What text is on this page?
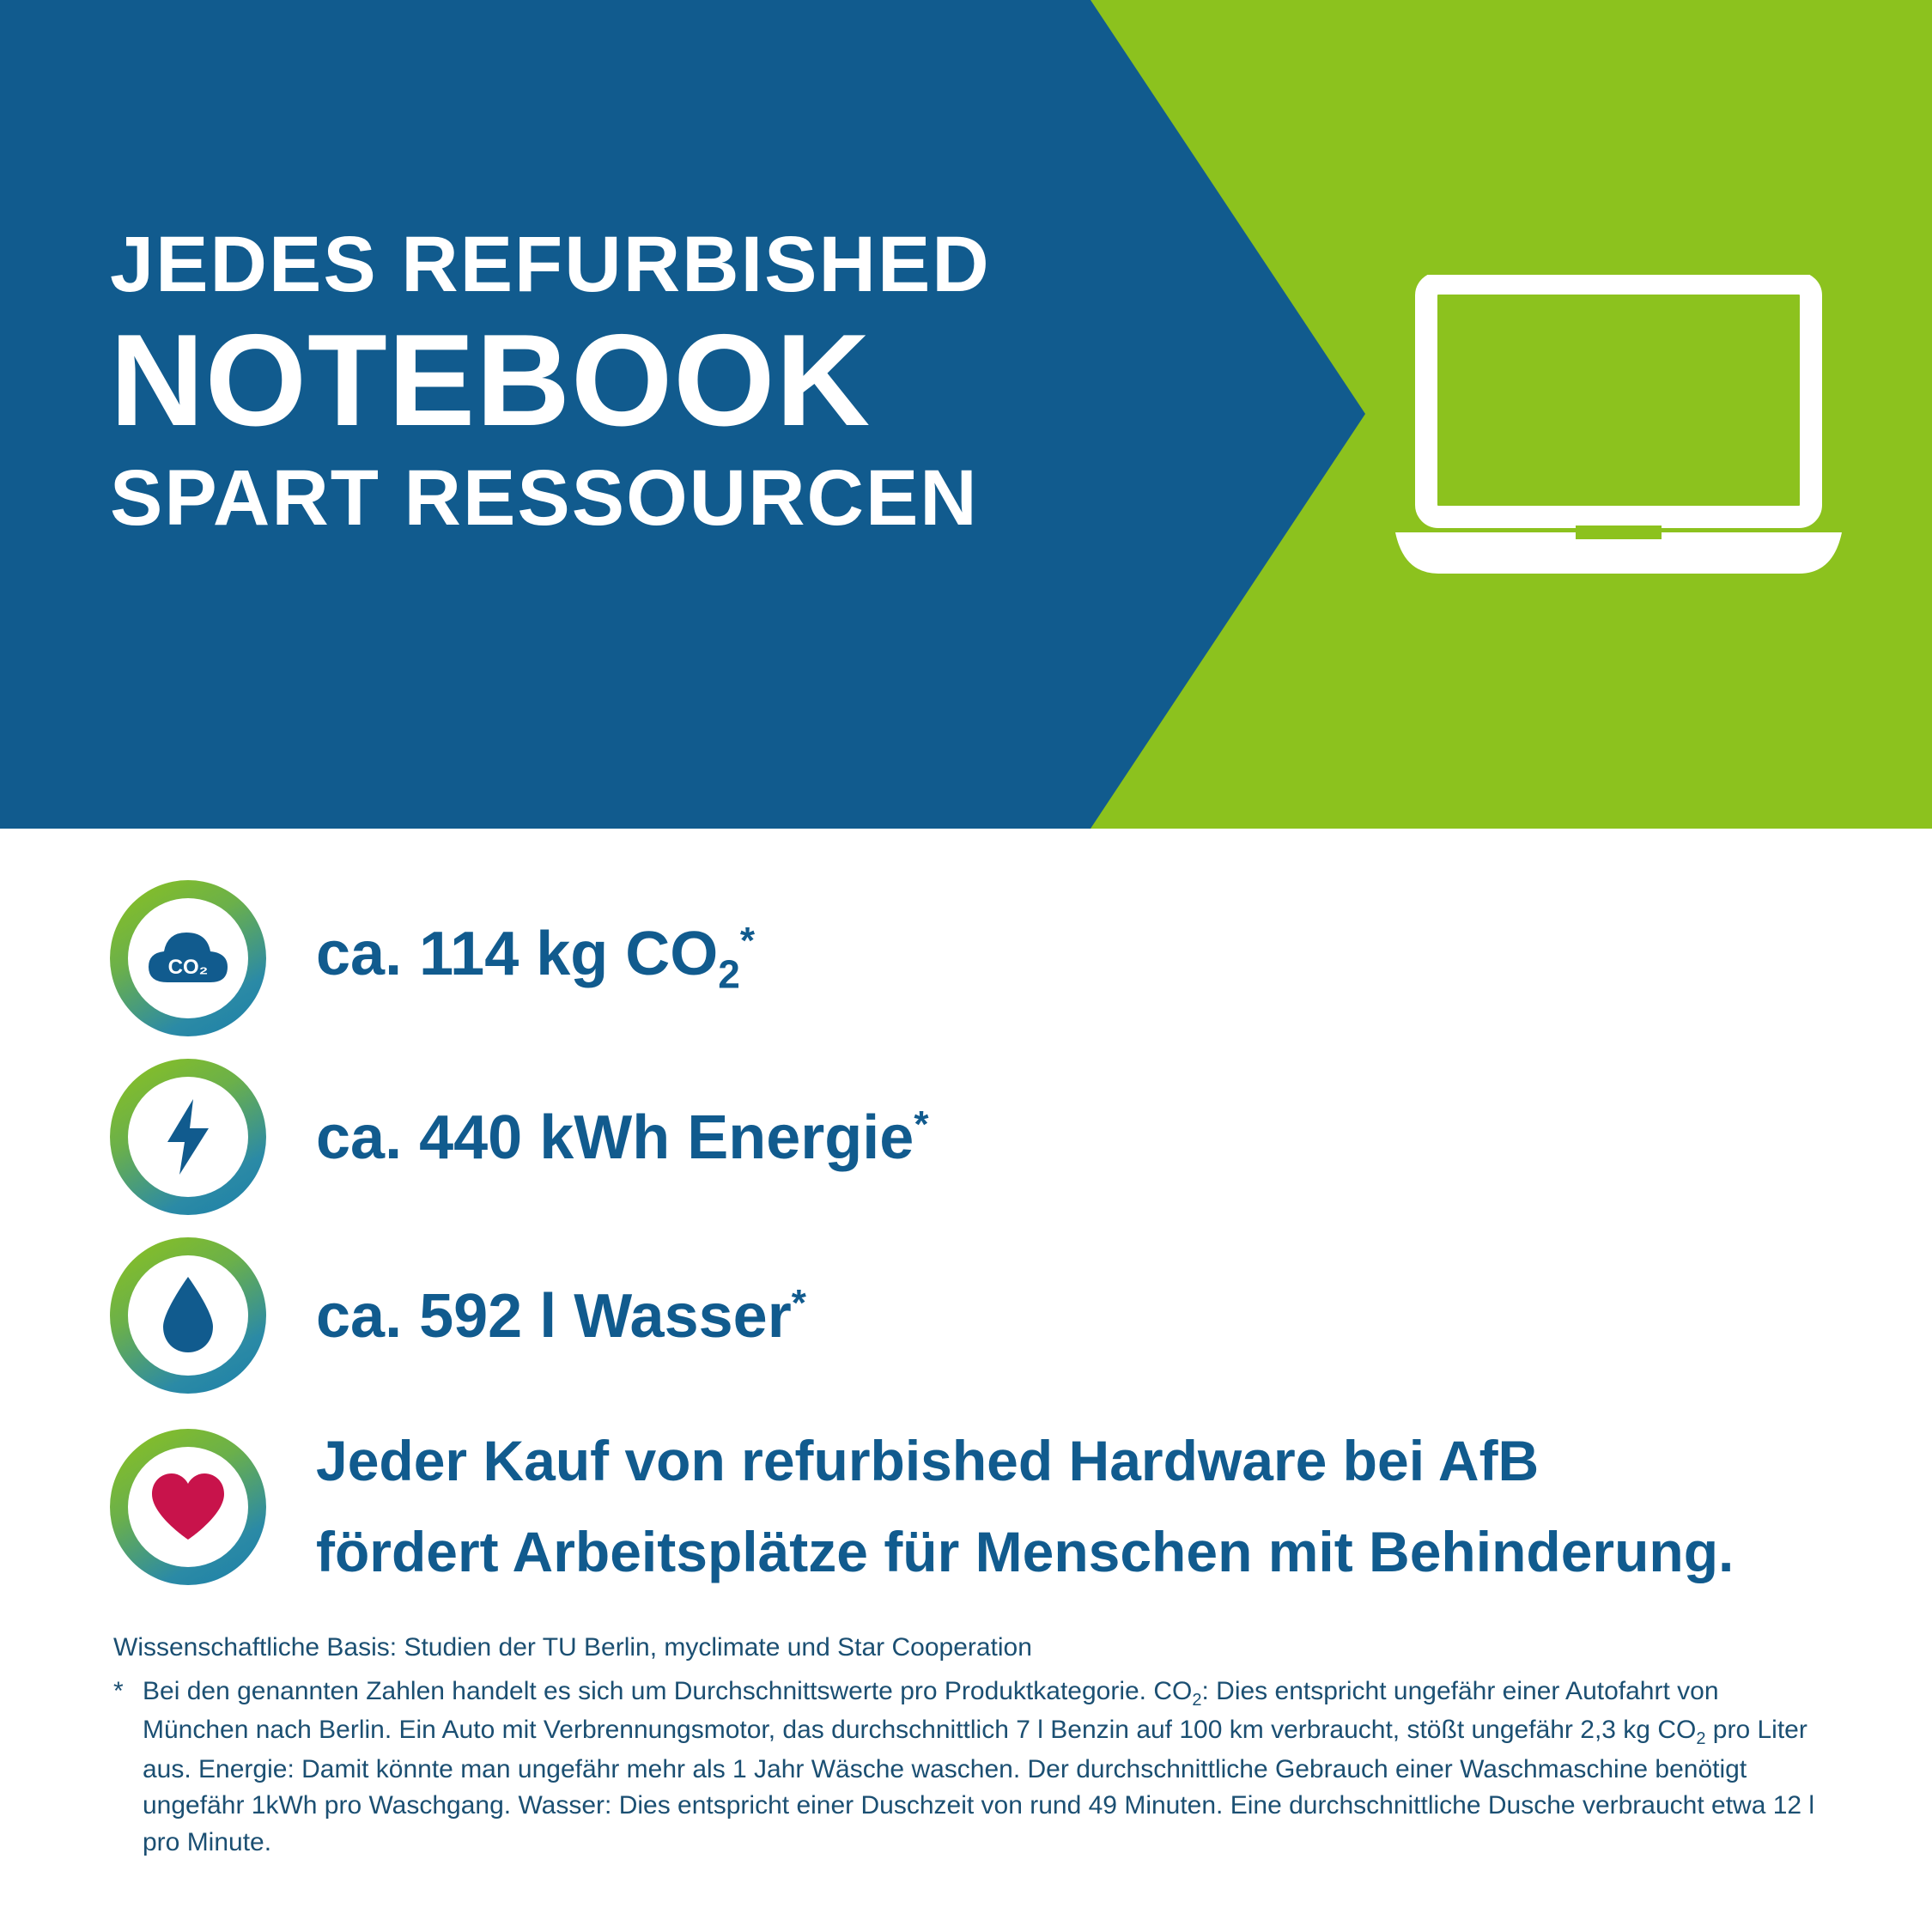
JEDES REFURBISHED
NOTEBOOK
SPART RESSOURCEN
CO₂ ca. 114 kg $CO_2^*$
ca. 440 kWh Energie*
ca. 592 l Wasser*
Jeder Kauf von refurbished Hardware bei AfB
fördert Arbeitsplätze für Menschen mit Behinderung.
Wissenschaftliche Basis: Studien der TU Berlin, myclimate und Star Cooperation
* Bei den genannten Zahlen handelt es sich um Durchschnittswerte pro Produktkategorie. $CO_2$: Dies entspricht ungefähr einer Autofahrt von München nach Berlin. Ein Auto mit Verbrennungsmotor, das durchschnittlich 7 l Benzin auf 100 km verbraucht, stößt ungefähr 2,3 kg $CO_2$ pro Liter aus. Energie: Damit könnte man ungefähr mehr als 1 Jahr Wäsche waschen. Der durchschnittliche Gebrauch einer Waschmaschine benötigt ungefähr 1kWh pro Waschgang. Wasser: Dies entspricht einer Duschzeit von rund 49 Minuten. Eine durchschnittliche Dusche verbraucht etwa 12 l pro Minute.
